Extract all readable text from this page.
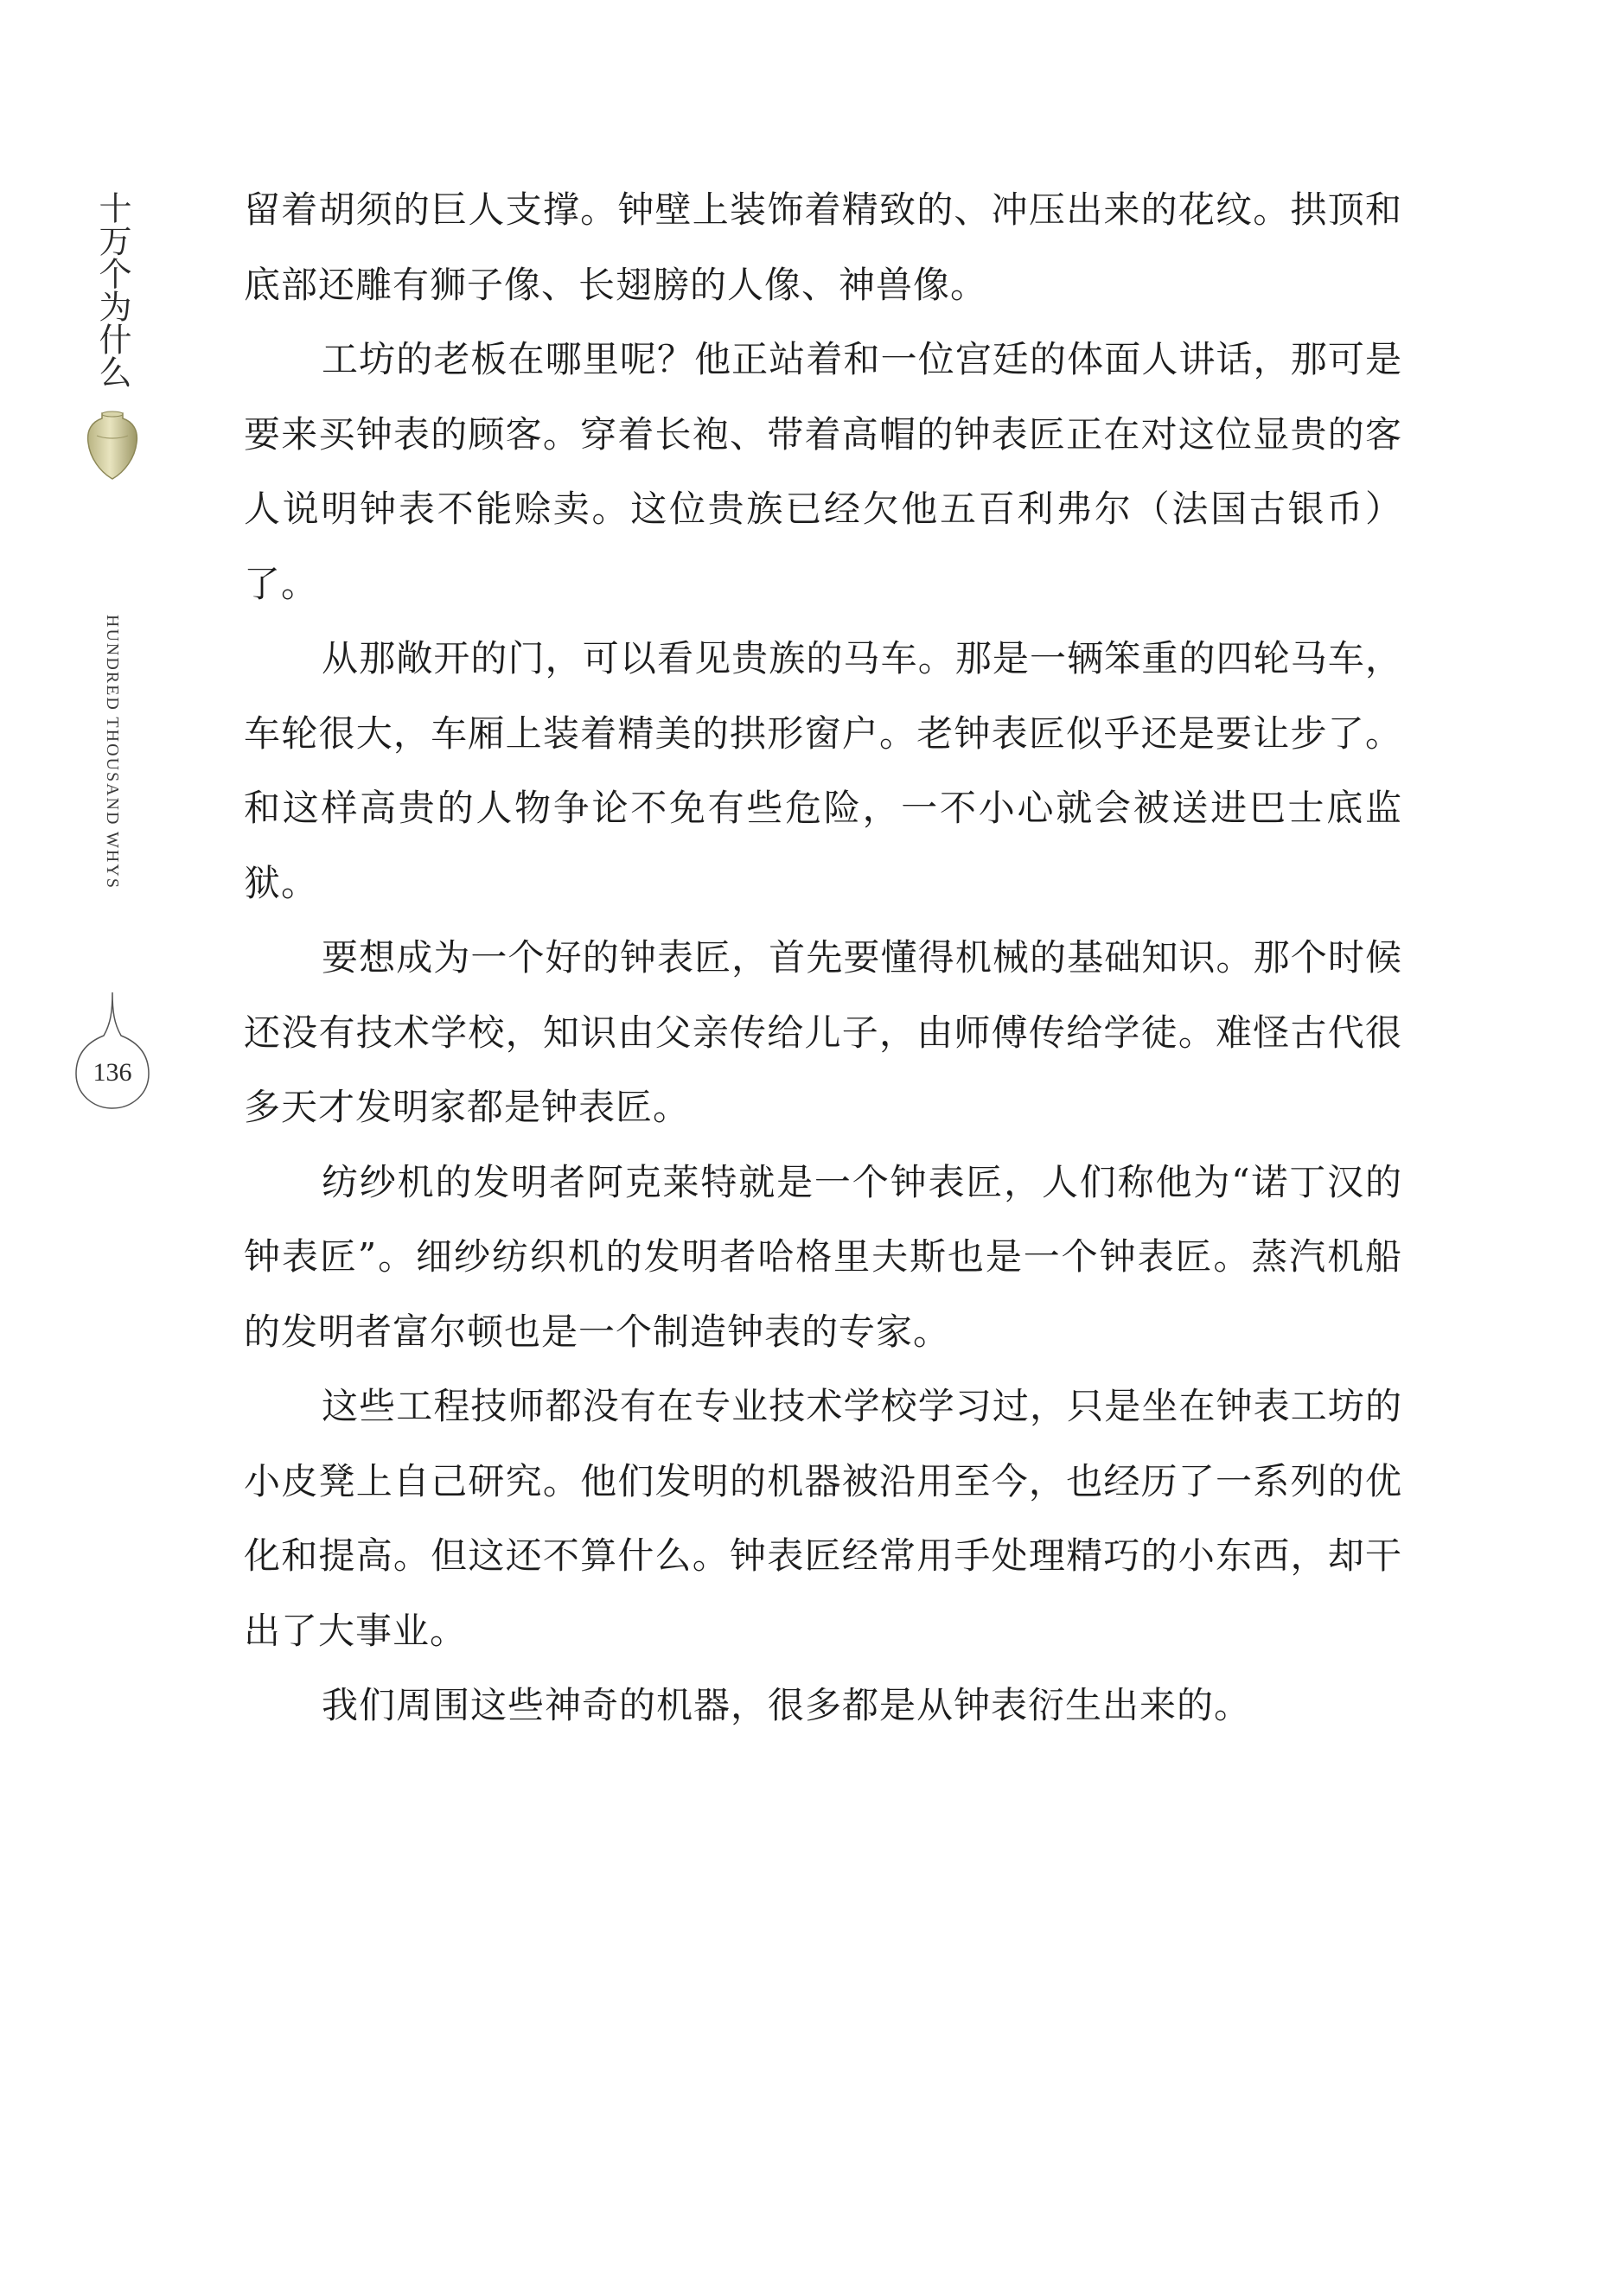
十万个为什么
HUNDRED THOUSAND WHYS
136

留着胡须的巨人支撑。钟壁上装饰着精致的、冲压出来的花纹。拱顶和底部还雕有狮子像、长翅膀的人像、神兽像。

工坊的老板在哪里呢？他正站着和一位宫廷的体面人讲话，那可是要来买钟表的顾客。穿着长袍、带着高帽的钟表匠正在对这位显贵的客人说明钟表不能赊卖。这位贵族已经欠他五百利弗尔（法国古银币）了。

从那敞开的门，可以看见贵族的马车。那是一辆笨重的四轮马车，车轮很大，车厢上装着精美的拱形窗户。老钟表匠似乎还是要让步了。和这样高贵的人物争论不免有些危险，一不小心就会被送进巴士底监狱。

要想成为一个好的钟表匠，首先要懂得机械的基础知识。那个时候还没有技术学校，知识由父亲传给儿子，由师傅传给学徒。难怪古代很多天才发明家都是钟表匠。

纺纱机的发明者阿克莱特就是一个钟表匠，人们称他为“诺丁汉的钟表匠”。细纱纺织机的发明者哈格里夫斯也是一个钟表匠。蒸汽机船的发明者富尔顿也是一个制造钟表的专家。

这些工程技师都没有在专业技术学校学习过，只是坐在钟表工坊的小皮凳上自己研究。他们发明的机器被沿用至今，也经历了一系列的优化和提高。但这还不算什么。钟表匠经常用手处理精巧的小东西，却干出了大事业。

我们周围这些神奇的机器，很多都是从钟表衍生出来的。
